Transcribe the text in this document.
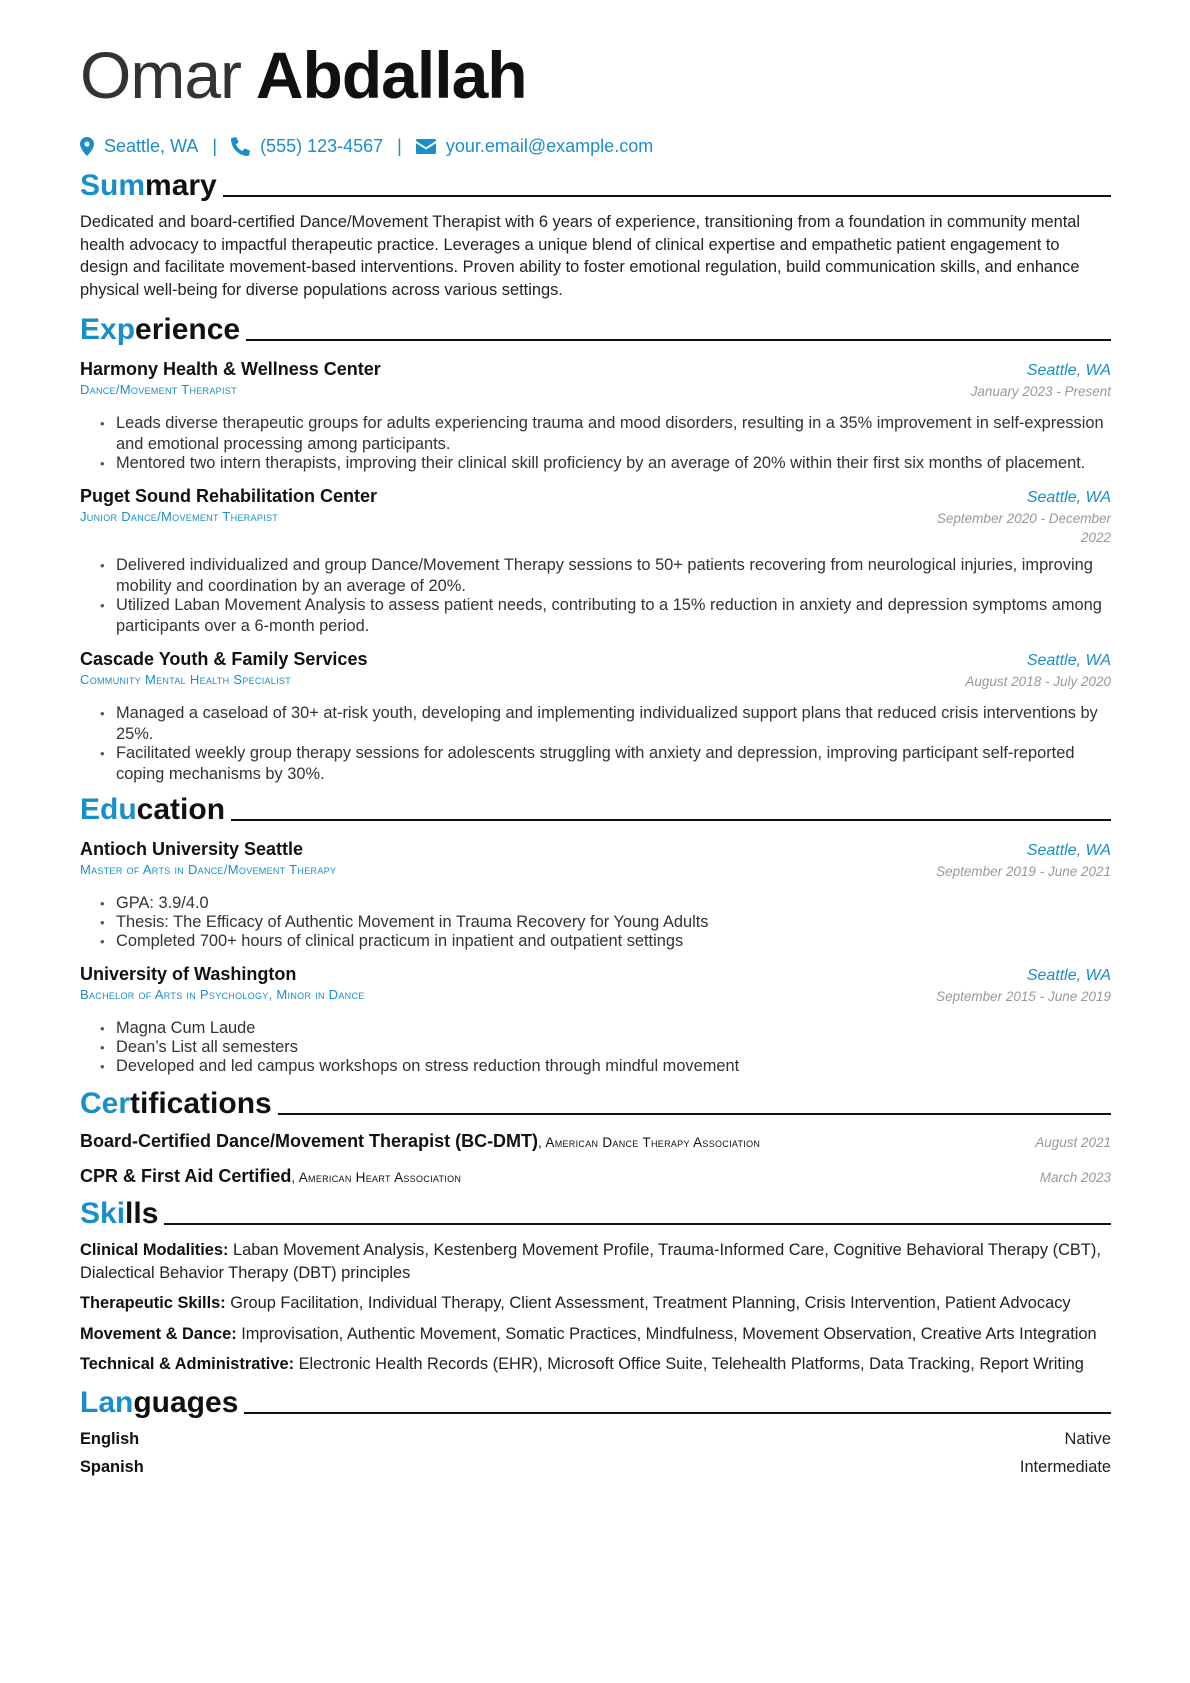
Omar Abdallah
Seattle, WA | (555) 123-4567 | your.email@example.com
Summary

Dedicated and board-certified Dance/Movement Therapist with 6 years of experience, transitioning from a foundation in community mental health advocacy to impactful therapeutic practice. Leverages a unique blend of clinical expertise and empathetic patient engagement to design and facilitate movement-based interventions. Proven ability to foster emotional regulation, build communication skills, and enhance physical well-being for diverse populations across various settings.

Experience
Harmony Health & Wellness Center	Seattle, WA
Dance/Movement Therapist	January 2023 - Present
• Leads diverse therapeutic groups for adults experiencing trauma and mood disorders, resulting in a 35% improvement in self-expression and emotional processing among participants.
• Mentored two intern therapists, improving their clinical skill proficiency by an average of 20% within their first six months of placement.
Puget Sound Rehabilitation Center	Seattle, WA
Junior Dance/Movement Therapist	September 2020 - December 2022
• Delivered individualized and group Dance/Movement Therapy sessions to 50+ patients recovering from neurological injuries, improving mobility and coordination by an average of 20%.
• Utilized Laban Movement Analysis to assess patient needs, contributing to a 15% reduction in anxiety and depression symptoms among participants over a 6-month period.
Cascade Youth & Family Services	Seattle, WA
Community Mental Health Specialist	August 2018 - July 2020
• Managed a caseload of 30+ at-risk youth, developing and implementing individualized support plans that reduced crisis interventions by 25%.
• Facilitated weekly group therapy sessions for adolescents struggling with anxiety and depression, improving participant self-reported coping mechanisms by 30%.
Education
Antioch University Seattle	Seattle, WA
Master of Arts in Dance/Movement Therapy	September 2019 - June 2021
• GPA: 3.9/4.0
• Thesis: The Efficacy of Authentic Movement in Trauma Recovery for Young Adults
• Completed 700+ hours of clinical practicum in inpatient and outpatient settings
University of Washington	Seattle, WA
Bachelor of Arts in Psychology, Minor in Dance	September 2015 - June 2019
• Magna Cum Laude
• Dean’s List all semesters
• Developed and led campus workshops on stress reduction through mindful movement
Certifications
Board-Certified Dance/Movement Therapist (BC-DMT), American Dance Therapy Association	August 2021
CPR & First Aid Certified, American Heart Association	March 2023
Skills
Clinical Modalities: Laban Movement Analysis, Kestenberg Movement Profile, Trauma-Informed Care, Cognitive Behavioral Therapy (CBT), Dialectical Behavior Therapy (DBT) principles
Therapeutic Skills: Group Facilitation, Individual Therapy, Client Assessment, Treatment Planning, Crisis Intervention, Patient Advocacy
Movement & Dance: Improvisation, Authentic Movement, Somatic Practices, Mindfulness, Movement Observation, Creative Arts Integration
Technical & Administrative: Electronic Health Records (EHR), Microsoft Office Suite, Telehealth Platforms, Data Tracking, Report Writing
Languages
English	Native
Spanish	Intermediate
